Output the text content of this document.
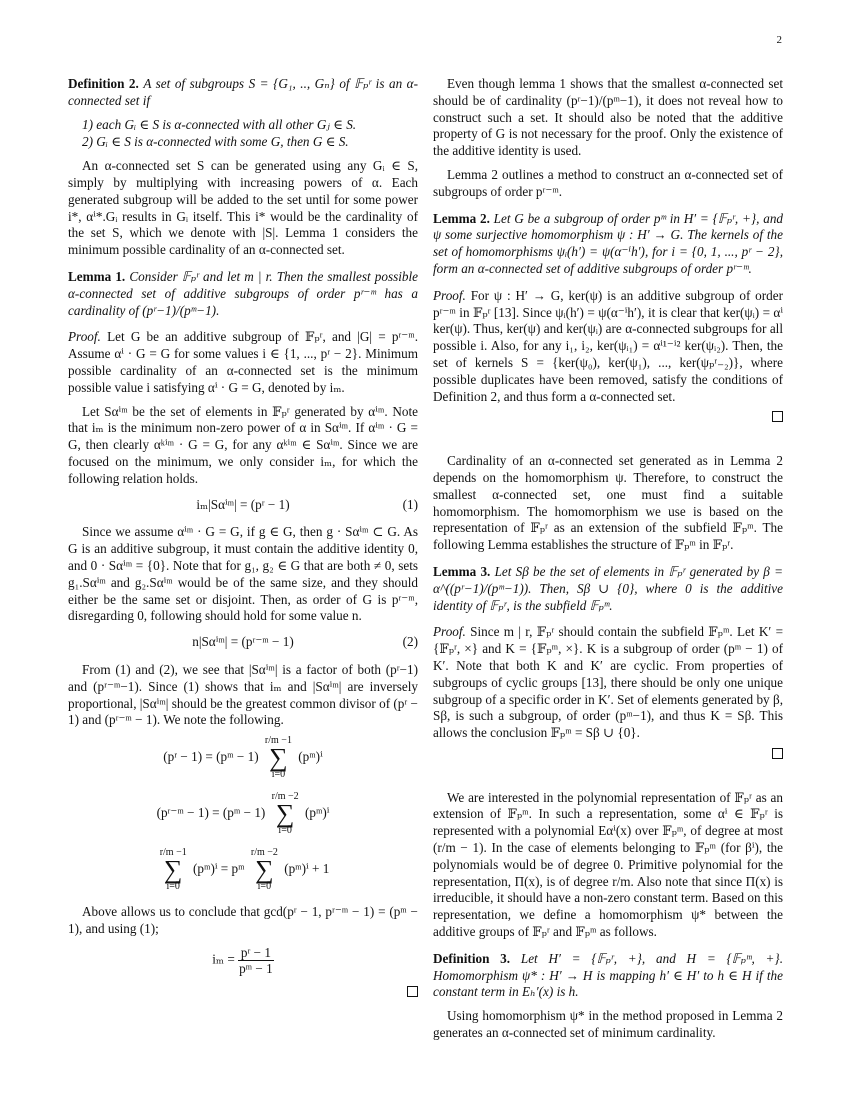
2

Definition 2. A set of subgroups S = {G₁, .., Gₙ} of 𝔽ₚʳ is an α-connected set if

1) each Gᵢ ∈ S is α-connected with all other Gⱼ ∈ S.
2) Gᵢ ∈ S is α-connected with some G, then G ∈ S.

An α-connected set S can be generated using any Gᵢ ∈ S, simply by multiplying with increasing powers of α. Each generated subgroup will be added to the set until for some power i*, αⁱ*.Gᵢ results in Gᵢ itself. This i* would be the cardinality of the set S, which we denote with |S|. Lemma 1 considers the minimum possible cardinality of an α-connected set.

Lemma 1. Consider 𝔽ₚʳ and let m | r. Then the smallest possible α-connected set of additive subgroups of order pʳ⁻ᵐ has a cardinality of (pʳ−1)/(pᵐ−1).

Proof. Let G be an additive subgroup of 𝔽ₚʳ, and |G| = pʳ⁻ᵐ. Assume αⁱ · G = G for some values i ∈ {1, ..., pʳ − 2}. Minimum possible cardinality of an α-connected set is the minimum possible value i satisfying αⁱ · G = G, denoted by iₘ.

Let Sαⁱᵐ be the set of elements in 𝔽ₚʳ generated by αⁱᵐ. Note that iₘ is the minimum non-zero power of α in Sαⁱᵐ. If αⁱᵐ · G = G, then clearly αᵏⁱᵐ · G = G, for any αᵏⁱᵐ ∈ Sαⁱᵐ. Since we are focused on the minimum, we only consider iₘ, for which the following relation holds.

iₘ|Sαⁱᵐ| = (pʳ − 1)	(1)

Since we assume αⁱᵐ · G = G, if g ∈ G, then g · Sαⁱᵐ ⊂ G. As G is an additive subgroup, it must contain the additive identity 0, and 0 · Sαⁱᵐ = {0}. Note that for g₁, g₂ ∈ G that are both ≠ 0, sets g₁.Sαⁱᵐ and g₂.Sαⁱᵐ would be of the same size, and they should either be the same set or disjoint. Then, as order of G is pʳ⁻ᵐ, disregarding 0, following should hold for some value n.

n|Sαⁱᵐ| = (pʳ⁻ᵐ − 1)	(2)

From (1) and (2), we see that |Sαⁱᵐ| is a factor of both (pʳ−1) and (pʳ⁻ᵐ−1). Since (1) shows that iₘ and |Sαⁱᵐ| are inversely proportional, |Sαⁱᵐ| should be the greatest common divisor of (pʳ − 1) and (pʳ⁻ᵐ − 1). We note the following.

(pʳ − 1) = (pᵐ − 1) r/m −1
∑
i=0 (pᵐ)ⁱ
(pʳ⁻ᵐ − 1) = (pᵐ − 1) r/m −2
∑
i=0 (pᵐ)ⁱ
r/m −1
∑
i=0 (pᵐ)ⁱ = pᵐ r/m −2
∑
i=0 (pᵐ)ⁱ + 1

Above allows us to conclude that gcd(pʳ − 1, pʳ⁻ᵐ − 1) = (pᵐ − 1), and using (1);

$i_m = \frac{\text{pʳ − 1}}{\text{pᵐ − 1}}$

Even though lemma 1 shows that the smallest α-connected set should be of cardinality (pʳ−1)/(pᵐ−1), it does not reveal how to construct such a set. It should also be noted that the additive property of G is not necessary for the proof. Only the existence of the additive identity is used.

Lemma 2 outlines a method to construct an α-connected set of subgroups of order pʳ⁻ᵐ.

Lemma 2. Let G be a subgroup of order pᵐ in H′ = {𝔽ₚʳ, +}, and ψ some surjective homomorphism ψ : H′ → G. The kernels of the set of homomorphisms ψᵢ(h′) = ψ(α⁻ⁱh′), for i = {0, 1, ..., pʳ − 2}, form an α-connected set of additive subgroups of order pʳ⁻ᵐ.

Proof. For ψ : H′ → G, ker(ψ) is an additive subgroup of order pʳ⁻ᵐ in 𝔽ₚʳ [13]. Since ψᵢ(h′) = ψ(α⁻ⁱh′), it is clear that ker(ψᵢ) = αⁱ ker(ψ). Thus, ker(ψ) and ker(ψᵢ) are α-connected subgroups for all possible i. Also, for any i₁, i₂, ker(ψᵢ₁) = αⁱ¹⁻ⁱ² ker(ψᵢ₂). Then, the set of kernels S = {ker(ψ₀), ker(ψ₁), ..., ker(ψₚʳ₋₂)}, where possible duplicates have been removed, satisfy the conditions of Definition 2, and thus form a α-connected set.

Cardinality of an α-connected set generated as in Lemma 2 depends on the homomorphism ψ. Therefore, to construct the smallest α-connected set, one must find a suitable homomorphism. The homomorphism we use is based on the representation of 𝔽ₚʳ as an extension of the subfield 𝔽ₚᵐ. The following Lemma establishes the structure of 𝔽ₚᵐ in 𝔽ₚʳ.

Lemma 3. Let Sβ be the set of elements in 𝔽ₚʳ generated by β = α^((pʳ−1)/(pᵐ−1)). Then, Sβ ∪ {0}, where 0 is the additive identity of 𝔽ₚʳ, is the subfield 𝔽ₚᵐ.

Proof. Since m | r, 𝔽ₚʳ should contain the subfield 𝔽ₚᵐ. Let K′ = {𝔽ₚʳ, ×} and K = {𝔽ₚᵐ, ×}. K is a subgroup of order (pᵐ − 1) of K′. Note that both K and K′ are cyclic. From properties of subgroups of cyclic groups [13], there should be only one unique subgroup of a specific order in K′. Set of elements generated by β, Sβ, is such a subgroup, of order (pᵐ−1), and thus K = Sβ. This allows the conclusion 𝔽ₚᵐ = Sβ ∪ {0}.

We are interested in the polynomial representation of 𝔽ₚʳ as an extension of 𝔽ₚᵐ. In such a representation, some αⁱ ∈ 𝔽ₚʳ is represented with a polynomial Eαⁱ(x) over 𝔽ₚᵐ, of degree at most (r/m − 1). In the case of elements belonging to 𝔽ₚᵐ (for βⁱ), the polynomials would be of degree 0. Primitive polynomial for the representation, Π(x), is of degree r/m. Also note that since Π(x) is irreducible, it should have a non-zero constant term. Based on this representation, we define a homomorphism ψ* between the additive groups of 𝔽ₚʳ and 𝔽ₚᵐ as follows.

Definition 3. Let H′ = {𝔽ₚʳ, +}, and H = {𝔽ₚᵐ, +}. Homomorphism ψ* : H′ → H is mapping h′ ∈ H′ to h ∈ H if the constant term in Eₕ′(x) is h.

Using homomorphism ψ* in the method proposed in Lemma 2 generates an α-connected set of minimum cardinality.
